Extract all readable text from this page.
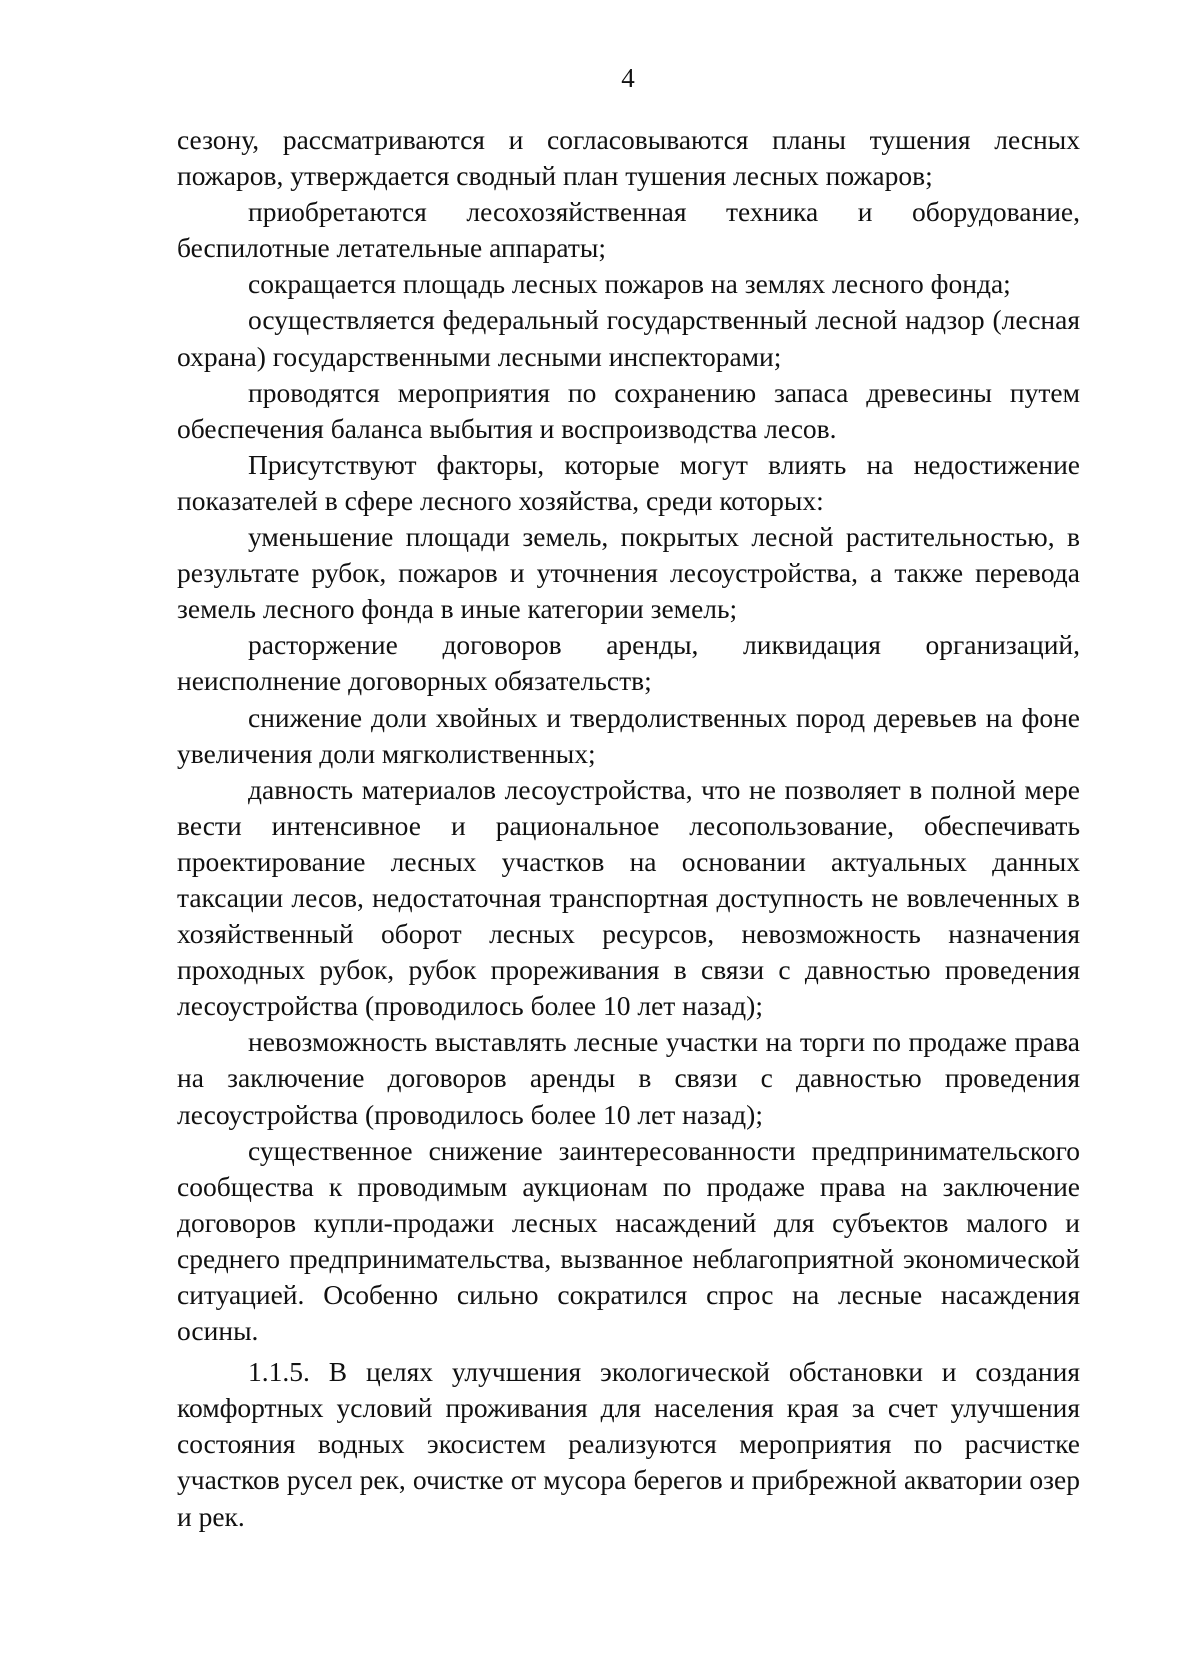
4

сезону, рассматриваются и согласовываются планы тушения лесных пожаров, утверждается сводный план тушения лесных пожаров;

приобретаются лесохозяйственная техника и оборудование, беспилотные летательные аппараты;

сокращается площадь лесных пожаров на землях лесного фонда;

осуществляется федеральный государственный лесной надзор (лесная охрана) государственными лесными инспекторами;

проводятся мероприятия по сохранению запаса древесины путем обеспечения баланса выбытия и воспроизводства лесов.

Присутствуют факторы, которые могут влиять на недостижение показателей в сфере лесного хозяйства, среди которых:

уменьшение площади земель, покрытых лесной растительностью, в результате рубок, пожаров и уточнения лесоустройства, а также перевода земель лесного фонда в иные категории земель;

расторжение договоров аренды, ликвидация организаций, неисполнение договорных обязательств;

снижение доли хвойных и твердолиственных пород деревьев на фоне увеличения доли мягколиственных;

давность материалов лесоустройства, что не позволяет в полной мере вести интенсивное и рациональное лесопользование, обеспечивать проектирование лесных участков на основании актуальных данных таксации лесов, недостаточная транспортная доступность не вовлеченных в хозяйственный оборот лесных ресурсов, невозможность назначения проходных рубок, рубок прореживания в связи с давностью проведения лесоустройства (проводилось более 10 лет назад);

невозможность выставлять лесные участки на торги по продаже права на заключение договоров аренды в связи с давностью проведения лесоустройства (проводилось более 10 лет назад);

существенное снижение заинтересованности предпринимательского сообщества к проводимым аукционам по продаже права на заключение договоров купли-продажи лесных насаждений для субъектов малого и среднего предпринимательства, вызванное неблагоприятной экономической ситуацией. Особенно сильно сократился спрос на лесные насаждения осины.

1.1.5. В целях улучшения экологической обстановки и создания комфортных условий проживания для населения края за счет улучшения состояния водных экосистем реализуются мероприятия по расчистке участков русел рек, очистке от мусора берегов и прибрежной акватории озер и рек.
